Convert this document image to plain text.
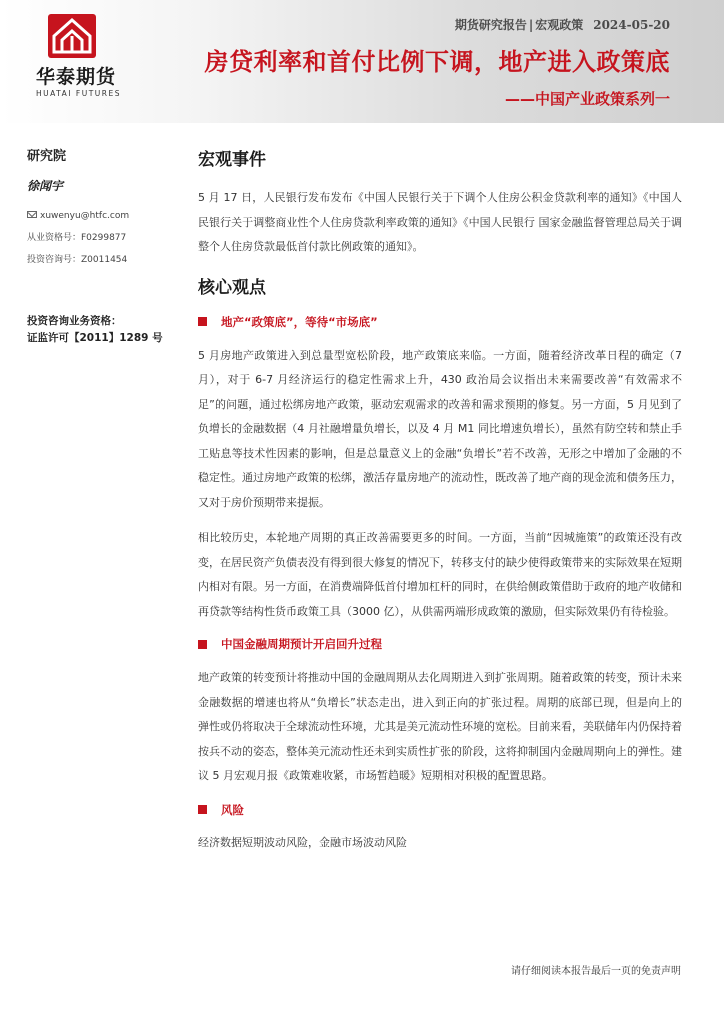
华泰期货
HUATAI FUTURES
期货研究报告 | 宏观政策 2024-05-20
房贷利率和首付比例下调，地产进入政策底
——中国产业政策系列一
研究院
徐闻宇
xuwenyu@htfc.com
从业资格号：F0299877
投资咨询号：Z0011454
投资咨询业务资格：
证监许可【2011】1289 号
宏观事件
5 月 17 日，人民银行发布发布《中国人民银行关于下调个人住房公积金贷款利率的通知》《中国人民银行关于调整商业性个人住房贷款利率政策的通知》《中国人民银行 国家金融监督管理总局关于调整个人住房贷款最低首付款比例政策的通知》。
核心观点
地产“政策底”，等待“市场底”
5 月房地产政策进入到总量型宽松阶段，地产政策底来临。一方面，随着经济改革日程的确定（7 月），对于 6-7 月经济运行的稳定性需求上升，430 政治局会议指出未来需要改善“有效需求不足”的问题，通过松绑房地产政策，驱动宏观需求的改善和需求预期的修复。另一方面，5 月见到了负增长的金融数据（4 月社融增量负增长，以及 4 月 M1 同比增速负增长），虽然有防空转和禁止手工贴息等技术性因素的影响，但是总量意义上的金融“负增长”若不改善，无形之中增加了金融的不稳定性。通过房地产政策的松绑，激活存量房地产的流动性，既改善了地产商的现金流和债务压力，又对于房价预期带来提振。
相比较历史，本轮地产周期的真正改善需要更多的时间。一方面，当前“因城施策”的政策还没有改变，在居民资产负债表没有得到很大修复的情况下，转移支付的缺少使得政策带来的实际效果在短期内相对有限。另一方面，在消费端降低首付增加杠杆的同时，在供给侧政策借助于政府的地产收储和再贷款等结构性货币政策工具（3000 亿），从供需两端形成政策的激励，但实际效果仍有待检验。
中国金融周期预计开启回升过程
地产政策的转变预计将推动中国的金融周期从去化周期进入到扩张周期。随着政策的转变，预计未来金融数据的增速也将从“负增长”状态走出，进入到正向的扩张过程。周期的底部已现，但是向上的弹性或仍将取决于全球流动性环境，尤其是美元流动性环境的宽松。目前来看，美联储年内仍保持着按兵不动的姿态，整体美元流动性还未到实质性扩张的阶段，这将抑制国内金融周期向上的弹性。建议 5 月宏观月报《政策难收紧，市场暂趋暖》短期相对积极的配置思路。
风险
经济数据短期波动风险，金融市场波动风险
请仔细阅读本报告最后一页的免责声明
